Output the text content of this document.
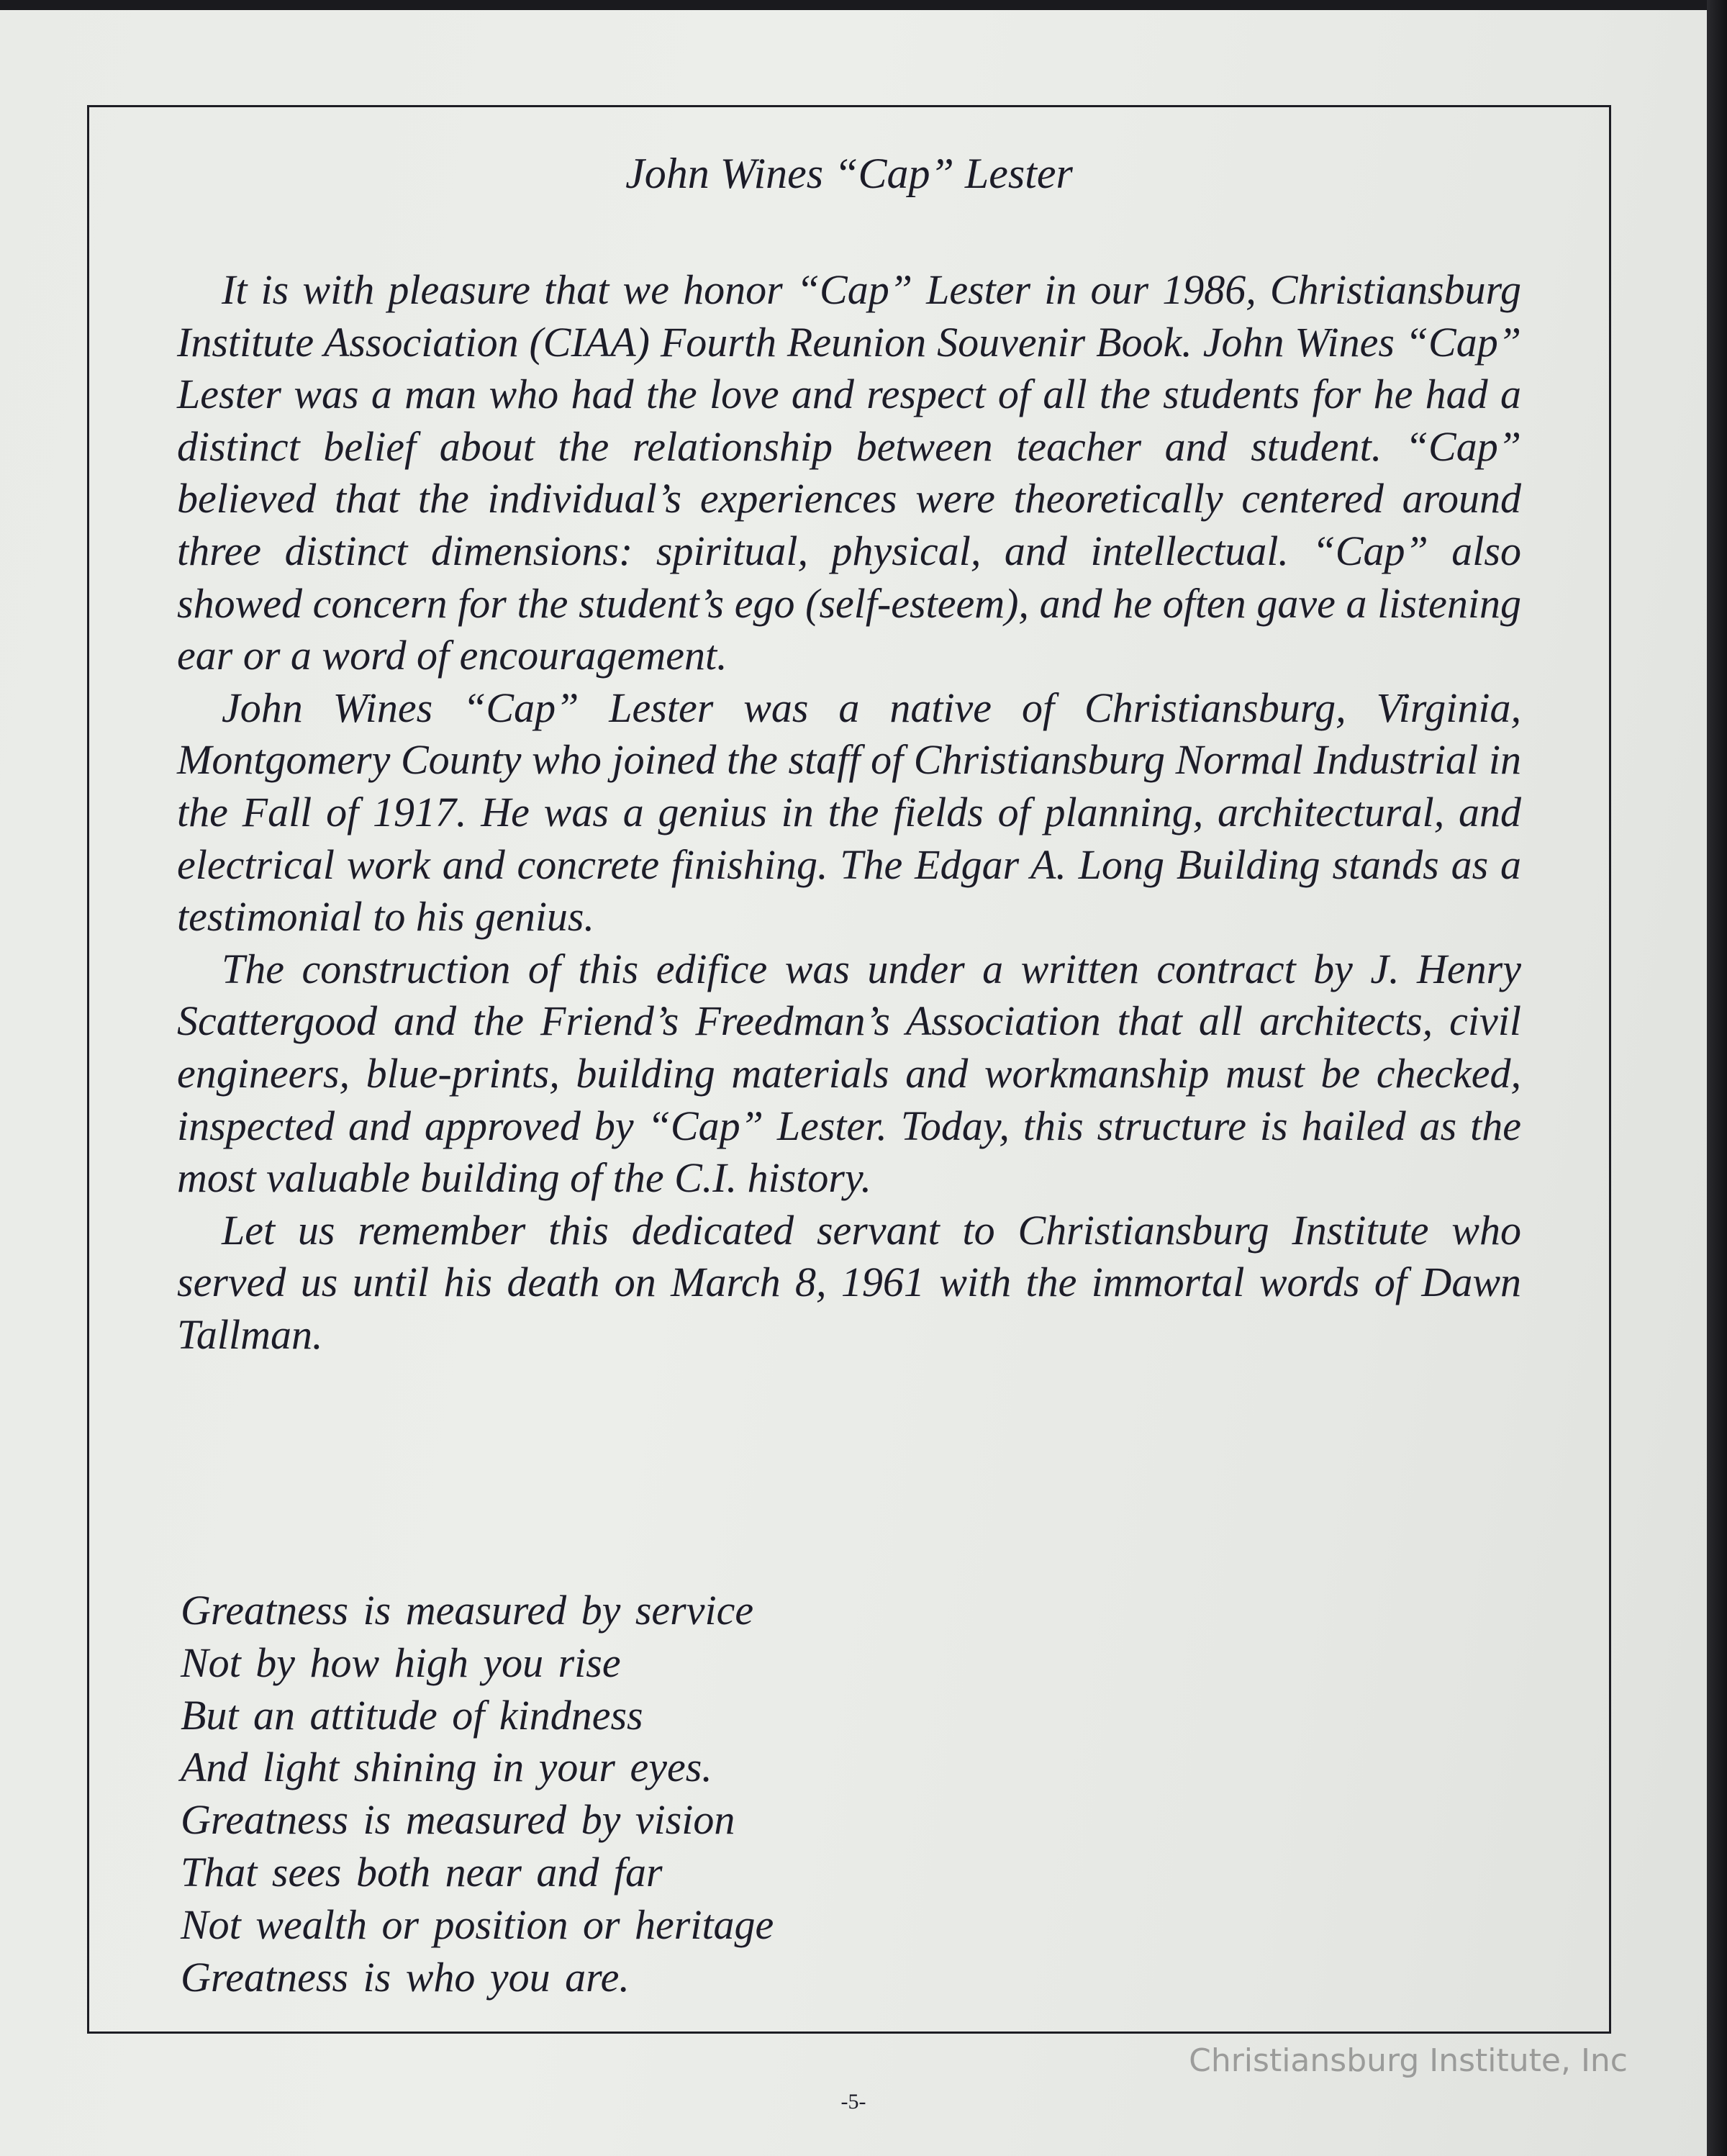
John Wines “Cap” Lester

It is with pleasure that we honor “Cap” Lester in our 1986, Christiansburg Institute Association (CIAA) Fourth Reunion Souvenir Book. John Wines “Cap” Lester was a man who had the love and respect of all the students for he had a distinct belief about the relationship between teacher and student. “Cap” believed that the individual’s experiences were theoretically centered around three distinct dimensions: spiritual, physical, and intellectual. “Cap” also showed concern for the student’s ego (self-esteem), and he often gave a listening ear or a word of encouragement.

John Wines “Cap” Lester was a native of Christiansburg, Virginia, Montgomery County who joined the staff of Christiansburg Normal Industrial in the Fall of 1917. He was a genius in the fields of planning, architectural, and electrical work and concrete finishing. The Edgar A. Long Building stands as a testimonial to his genius.

The construction of this edifice was under a written contract by J. Henry Scattergood and the Friend’s Freedman’s Association that all architects, civil engineers, blue-prints, building materials and workmanship must be checked, inspected and approved by “Cap” Lester. Today, this structure is hailed as the most valuable building of the C.I. history.

Let us remember this dedicated servant to Christiansburg Institute who served us until his death on March 8, 1961 with the immortal words of Dawn Tallman.

Greatness is measured by service
Not by how high you rise
But an attitude of kindness
And light shining in your eyes.
Greatness is measured by vision
That sees both near and far
Not wealth or position or heritage
Greatness is who you are.
-5-
Christiansburg Institute, Inc
